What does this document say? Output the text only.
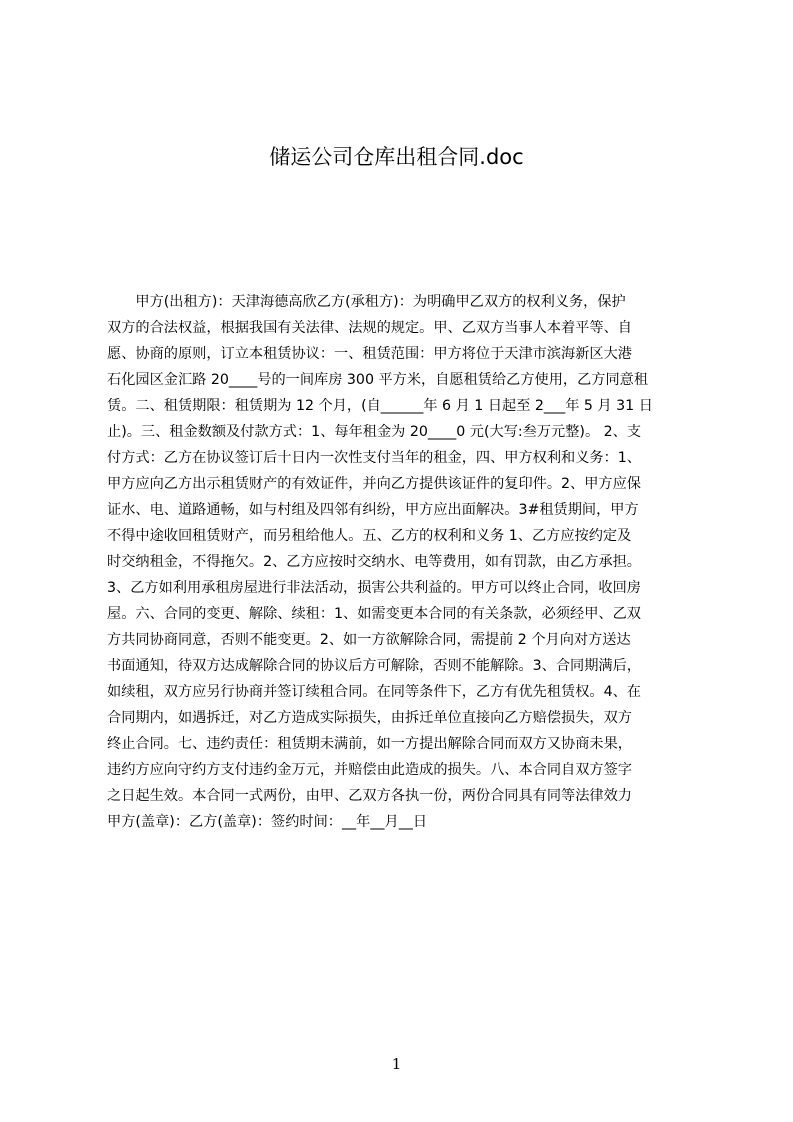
储运公司仓库出租合同.doc
　　甲方(出租方)：天津海德高欣乙方(承租方)：为明确甲乙双方的权利义务，保护
双方的合法权益，根据我国有关法律、法规的规定。甲、乙双方当事人本着平等、自
愿、协商的原则，订立本租赁协议：一、租赁范围：甲方将位于天津市滨海新区大港
石化园区金汇路 20____号的一间库房 300 平方米，自愿租赁给乙方使用，乙方同意租
赁。二、租赁期限：租赁期为 12 个月，(自______年 6 月 1 日起至 2___年 5 月 31 日
止)。三、租金数额及付款方式：1、每年租金为 20____0 元(大写:叁万元整)。 2、支
付方式：乙方在协议签订后十日内一次性支付当年的租金，四、甲方权利和义务：1、
甲方应向乙方出示租赁财产的有效证件，并向乙方提供该证件的复印件。2、甲方应保
证水、电、道路通畅，如与村组及四邻有纠纷，甲方应出面解决。3#租赁期间，甲方
不得中途收回租赁财产，而另租给他人。五、乙方的权利和义务 1、乙方应按约定及
时交纳租金，不得拖欠。2、乙方应按时交纳水、电等费用，如有罚款，由乙方承担。
3、乙方如利用承租房屋进行非法活动，损害公共利益的。甲方可以终止合同，收回房
屋。六、合同的变更、解除、续租：1、如需变更本合同的有关条款，必须经甲、乙双
方共同协商同意，否则不能变更。2、如一方欲解除合同，需提前 2 个月向对方送达
书面通知，待双方达成解除合同的协议后方可解除，否则不能解除。3、合同期满后，
如续租，双方应另行协商并签订续租合同。在同等条件下，乙方有优先租赁权。4、在
合同期内，如遇拆迁，对乙方造成实际损失，由拆迁单位直接向乙方赔偿损失，双方
终止合同。七、违约责任：租赁期未满前，如一方提出解除合同而双方又协商未果，
违约方应向守约方支付违约金万元，并赔偿由此造成的损失。八、本合同自双方签字
之日起生效。本合同一式两份，由甲、乙双方各执一份，两份合同具有同等法律效力
甲方(盖章)：乙方(盖章)：签约时间：__年__月__日
1
